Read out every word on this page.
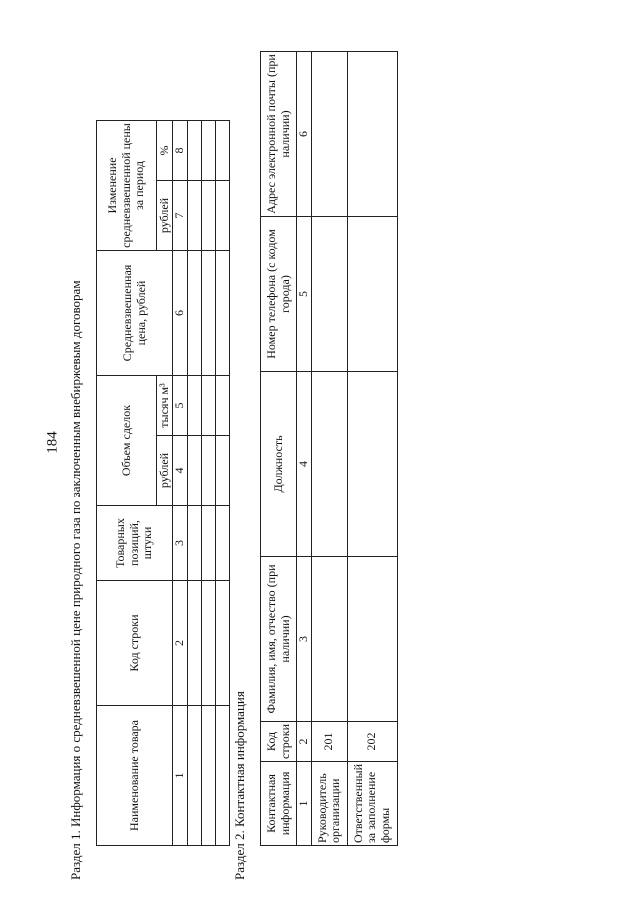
184 Раздел 1. Информация о средневзвешенной цене природного газа по заключенным внебиржевым договорам	Наименование товара	Код строки	Товарных позиций, штуки	Объем сделок		Средневзвешенная цена, рублей	Изменение средневзвешенной цены за период	
			рублей	тысяч м³		рублей	%
1	2	3	4	5	6	7	8

Раздел 2. Контактная информация Контактная информация	Код строки	Фамилия, имя, отчество (при наличии)	Должность	Номер телефона (с кодом города)	Адрес электронной почты (при наличии)
1	2	3	4	5	6
Руководитель организации	201				
Ответственный за заполнение формы	202				
